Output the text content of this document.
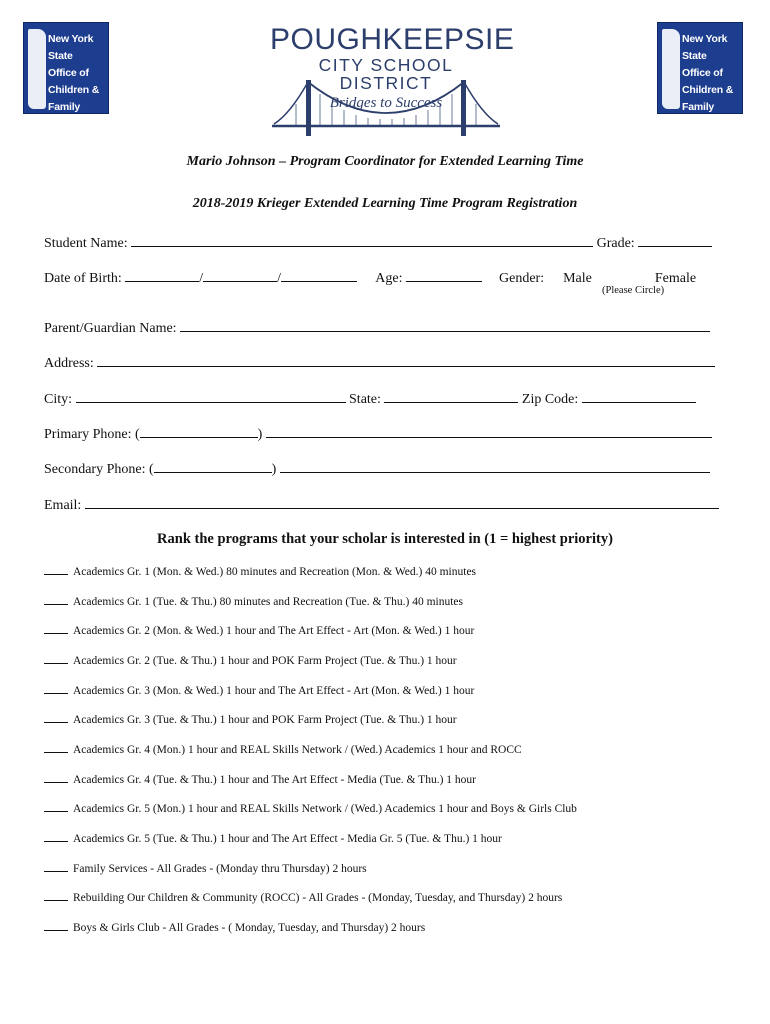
New York State
Office of
Children & Family
Services
POUGHKEEPSIE
CITY SCHOOL DISTRICT
Bridges to Success
New York State
Office of
Children & Family
Services
Mario Johnson – Program Coordinator for Extended Learning Time
2018-2019 Krieger Extended Learning Time Program Registration
Student Name:	Grade:
Date of Birth:	/	/	Age:	Gender: Male	Female
(Please Circle)
Parent/Guardian Name:
Address:
City:	State:	Zip Code:
Primary Phone: (	)
Secondary Phone: (	)
Email:
Rank the programs that your scholar is interested in (1 = highest priority)
Academics Gr. 1 (Mon. & Wed.) 80 minutes and Recreation (Mon. & Wed.) 40 minutes
Academics Gr. 1 (Tue. & Thu.) 80 minutes and Recreation (Tue. & Thu.) 40 minutes
Academics Gr. 2 (Mon. & Wed.) 1 hour and The Art Effect - Art (Mon. & Wed.) 1 hour
Academics Gr. 2 (Tue. & Thu.) 1 hour and POK Farm Project (Tue. & Thu.) 1 hour
Academics Gr. 3 (Mon. & Wed.) 1 hour and The Art Effect - Art (Mon. & Wed.) 1 hour
Academics Gr. 3 (Tue. & Thu.) 1 hour and POK Farm Project (Tue. & Thu.) 1 hour
Academics Gr. 4 (Mon.) 1 hour and REAL Skills Network / (Wed.) Academics 1 hour and ROCC
Academics Gr. 4 (Tue. & Thu.) 1 hour and The Art Effect - Media (Tue. & Thu.) 1 hour
Academics Gr. 5 (Mon.) 1 hour and REAL Skills Network / (Wed.) Academics 1 hour and Boys & Girls Club
Academics Gr. 5 (Tue. & Thu.) 1 hour and The Art Effect - Media Gr. 5 (Tue. & Thu.) 1 hour
Family Services - All Grades - (Monday thru Thursday) 2 hours
Rebuilding Our Children & Community (ROCC) - All Grades - (Monday, Tuesday, and Thursday) 2 hours
Boys & Girls Club - All Grades - ( Monday, Tuesday, and Thursday) 2 hours
